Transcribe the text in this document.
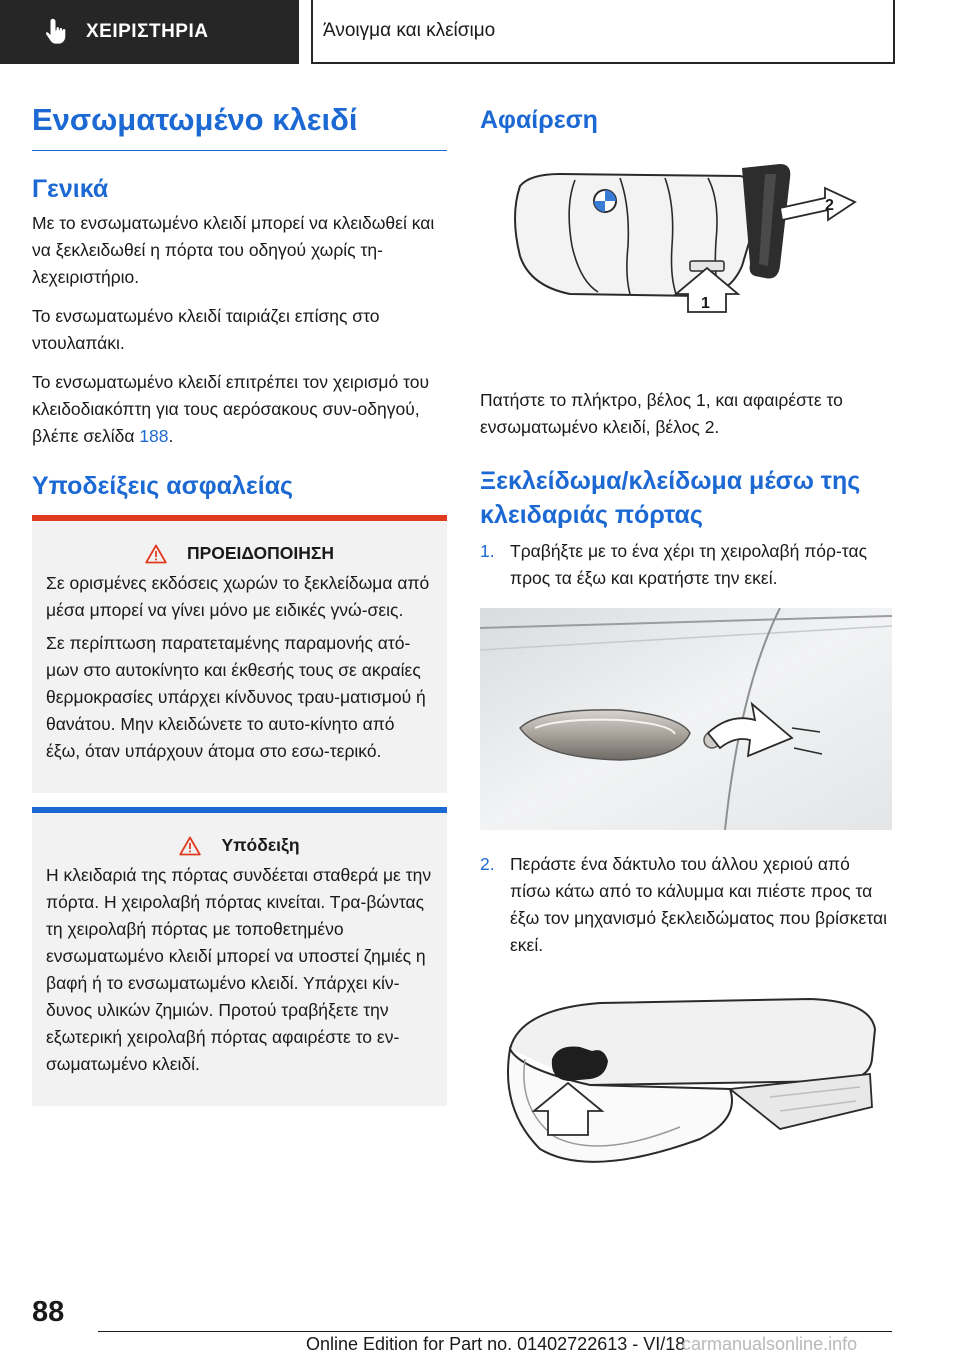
ΧΕΙΡΙΣΤΗΡΙΑ	Άνοιγμα και κλείσιμο
Ενσωματωμένο κλειδί
Γενικά

Με το ενσωματωμένο κλειδί μπορεί να κλειδωθεί και να ξεκλειδωθεί η πόρτα του οδηγού χωρίς τη-λεχειριστήριο.

Το ενσωματωμένο κλειδί ταιριάζει επίσης στο ντουλαπάκι.

Το ενσωματωμένο κλειδί επιτρέπει τον χειρισμό του κλειδοδιακόπτη για τους αερόσακους συν-οδηγού, βλέπε σελίδα 188.

Υποδείξεις ασφαλείας
ΠΡΟΕΙΔΟΠΟΙΗΣΗ

Σε ορισμένες εκδόσεις χωρών το ξεκλείδωμα από μέσα μπορεί να γίνει μόνο με ειδικές γνώ-σεις.

Σε περίπτωση παρατεταμένης παραμονής ατό-μων στο αυτοκίνητο και έκθεσής τους σε ακραίες θερμοκρασίες υπάρχει κίνδυνος τραυ-ματισμού ή θανάτου. Μην κλειδώνετε το αυτο-κίνητο από έξω, όταν υπάρχουν άτομα στο εσω-τερικό.

Υπόδειξη

Η κλειδαριά της πόρτας συνδέεται σταθερά με την πόρτα. Η χειρολαβή πόρτας κινείται. Τρα-βώντας τη χειρολαβή πόρτας με τοποθετημένο ενσωματωμένο κλειδί μπορεί να υποστεί ζημιές η βαφή ή το ενσωματωμένο κλειδί. Υπάρχει κίν-δυνος υλικών ζημιών. Προτού τραβήξετε την εξωτερική χειρολαβή πόρτας αφαιρέστε το εν-σωματωμένο κλειδί.

Αφαίρεση
2
1

Πατήστε το πλήκτρο, βέλος 1, και αφαιρέστε το ενσωματωμένο κλειδί, βέλος 2.

Ξεκλείδωμα/κλείδωμα μέσω της κλειδαριάς πόρτας
1. Τραβήξτε με το ένα χέρι τη χειρολαβή πόρ-τας προς τα έξω και κρατήστε την εκεί.
2. Περάστε ένα δάκτυλο του άλλου χεριού από πίσω κάτω από το κάλυμμα και πιέστε προς τα έξω τον μηχανισμό ξεκλειδώματος που βρίσκεται εκεί.
88
Online Edition for Part no. 01402722613 - VI/18
carmanualsonline.info
